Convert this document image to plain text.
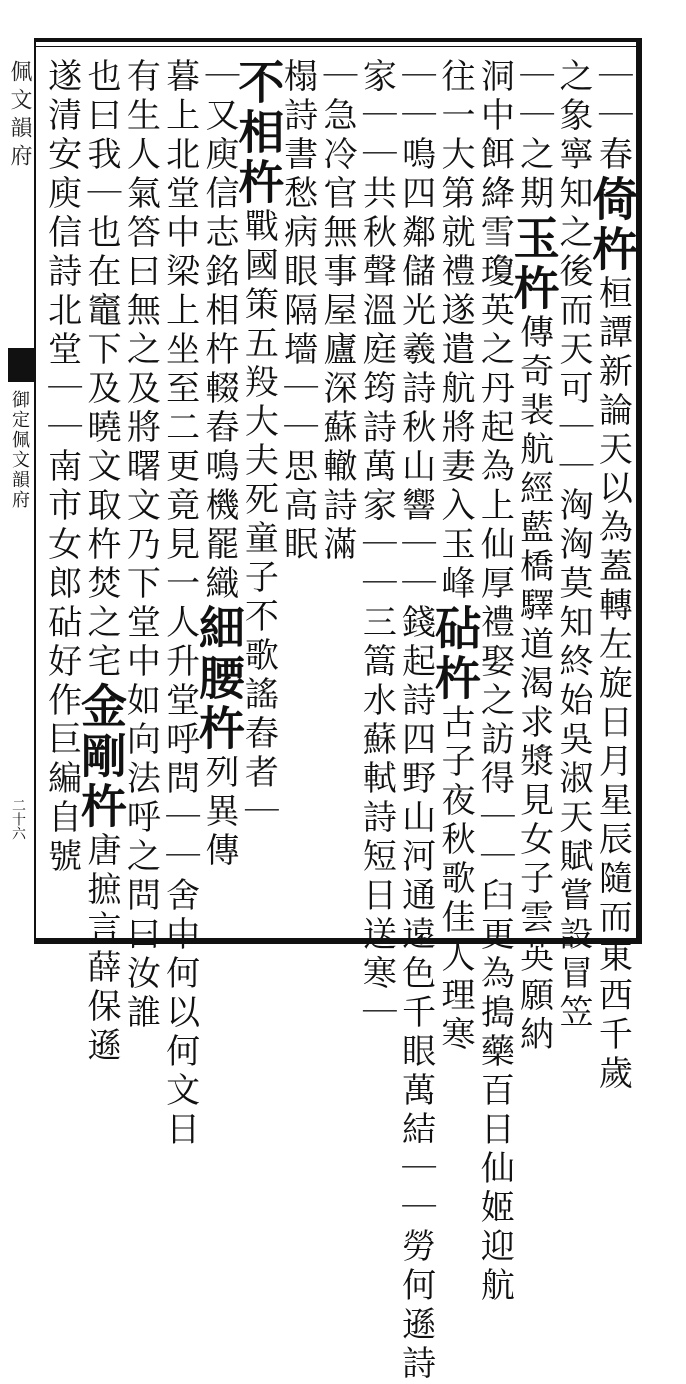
佩文韻府
御定佩文韻府
二十六
｜｜春倚杵桓譚新論天以為蓋轉左旋日月星辰隨而東西千歲
之象寧知之後而天可｜｜洶洶莫知終始吳淑天賦嘗設冒笠
｜｜之期玉杵傳奇裴航經藍橋驛道渴求漿見女子雲英願納
洞中餌絳雪瓊英之丹起為上仙厚禮娶之訪得｜｜臼更為搗藥百日仙姬迎航
往一大第就禮遂遣航將妻入玉峰砧杵古子夜秋歌佳人理寒
｜｜鳴四鄰儲光羲詩秋山響｜｜錢起詩四野山河通遠色千眼萬結｜｜勞何遜詩
家｜｜共秋聲溫庭筠詩萬家｜｜三篙水蘇軾詩短日送寒｜
｜急冷官無事屋廬深蘇轍詩滿
榻詩書愁病眼隔墻｜｜思高眠
不相杵戰國策五羖大夫死童子不歌謠舂者｜
｜又庾信志銘相杵輟舂鳴機罷織細腰杵列異傳
暮上北堂中梁上坐至二更竟見一人升堂呼問｜｜舍中何以何文日
有生人氣答曰無之及將曙文乃下堂中如向法呼之問曰汝誰
也曰我｜也在竈下及曉文取杵焚之宅金剛杵唐摭言薛保遜
遂清安庾信詩北堂｜｜南市女郎砧好作巨編自號
